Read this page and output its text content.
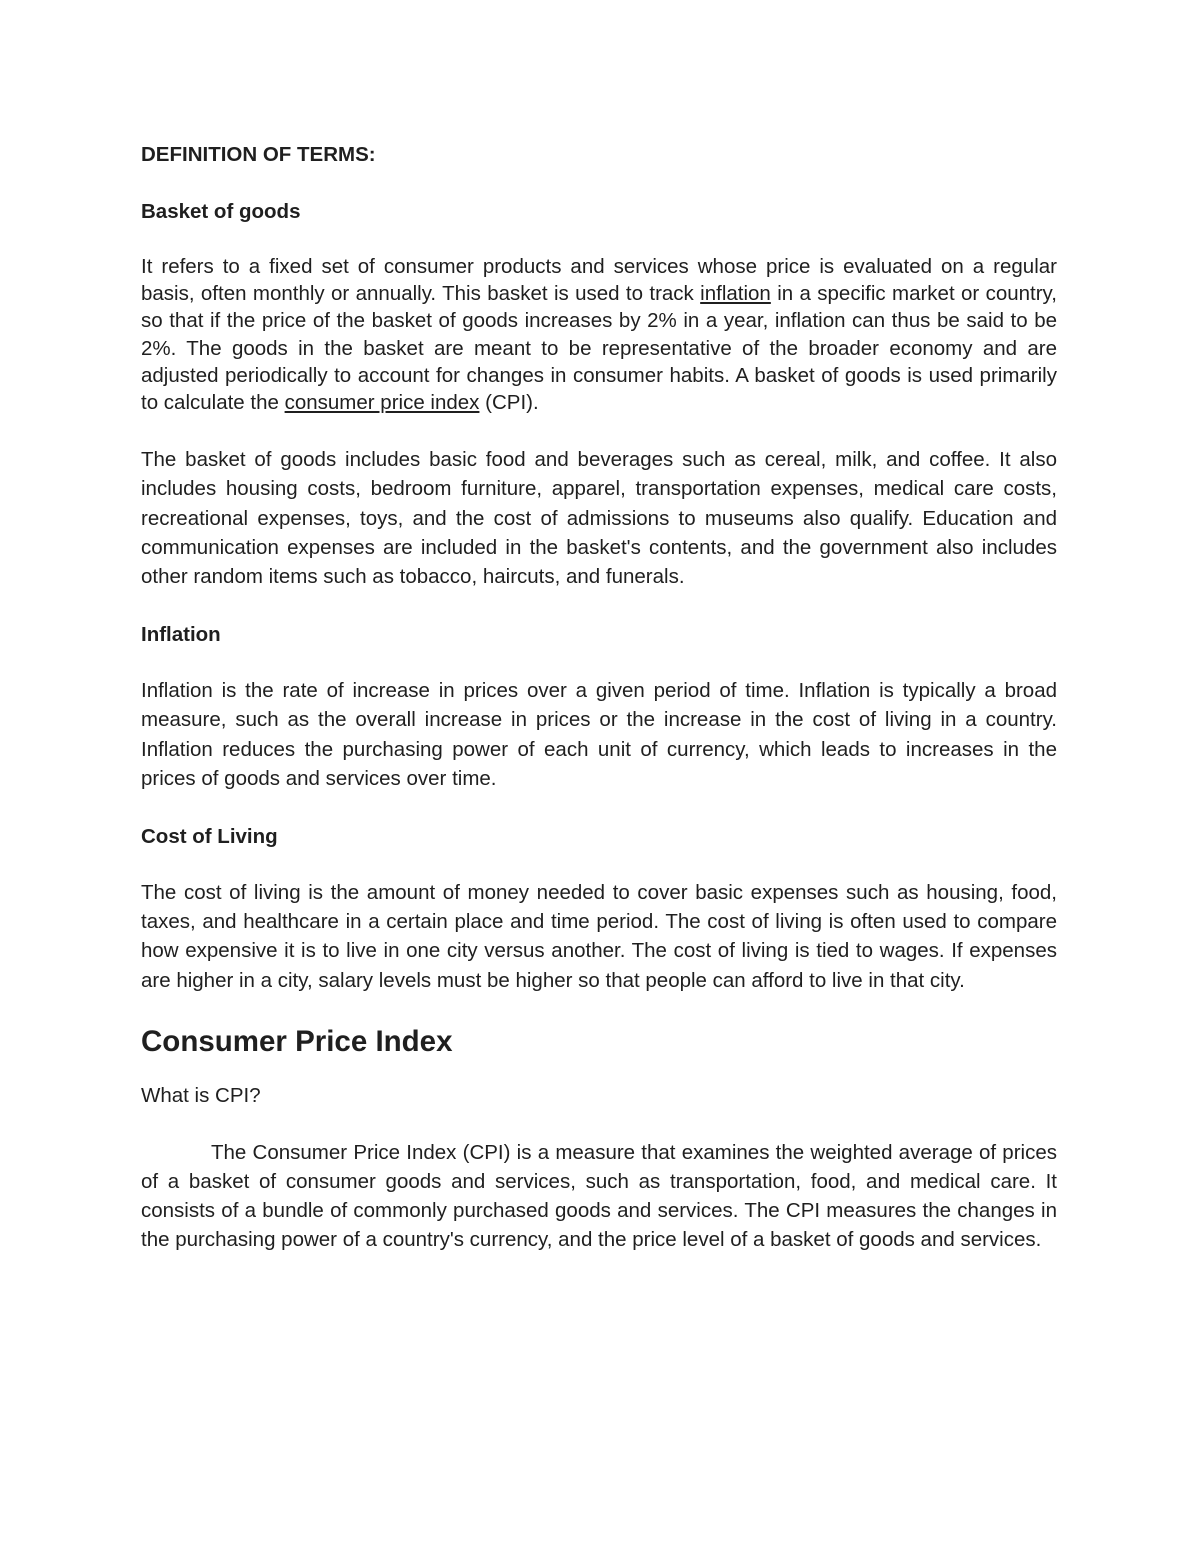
DEFINITION OF TERMS:
Basket of goods

It refers to a fixed set of consumer products and services whose price is evaluated on a regular basis, often monthly or annually. This basket is used to track inflation in a specific market or country, so that if the price of the basket of goods increases by 2% in a year, inflation can thus be said to be 2%. The goods in the basket are meant to be representative of the broader economy and are adjusted periodically to account for changes in consumer habits. A basket of goods is used primarily to calculate the consumer price index (CPI).

The basket of goods includes basic food and beverages such as cereal, milk, and coffee. It also includes housing costs, bedroom furniture, apparel, transportation expenses, medical care costs, recreational expenses, toys, and the cost of admissions to museums also qualify. Education and communication expenses are included in the basket's contents, and the government also includes other random items such as tobacco, haircuts, and funerals.

Inflation

Inflation is the rate of increase in prices over a given period of time. Inflation is typically a broad measure, such as the overall increase in prices or the increase in the cost of living in a country. Inflation reduces the purchasing power of each unit of currency, which leads to increases in the prices of goods and services over time.

Cost of Living

The cost of living is the amount of money needed to cover basic expenses such as housing, food, taxes, and healthcare in a certain place and time period. The cost of living is often used to compare how expensive it is to live in one city versus another. The cost of living is tied to wages. If expenses are higher in a city, salary levels must be higher so that people can afford to live in that city.

Consumer Price Index
What is CPI?

The Consumer Price Index (CPI) is a measure that examines the weighted average of prices of a basket of consumer goods and services, such as transportation, food, and medical care. It consists of a bundle of commonly purchased goods and services. The CPI measures the changes in the purchasing power of a country's currency, and the price level of a basket of goods and services.
